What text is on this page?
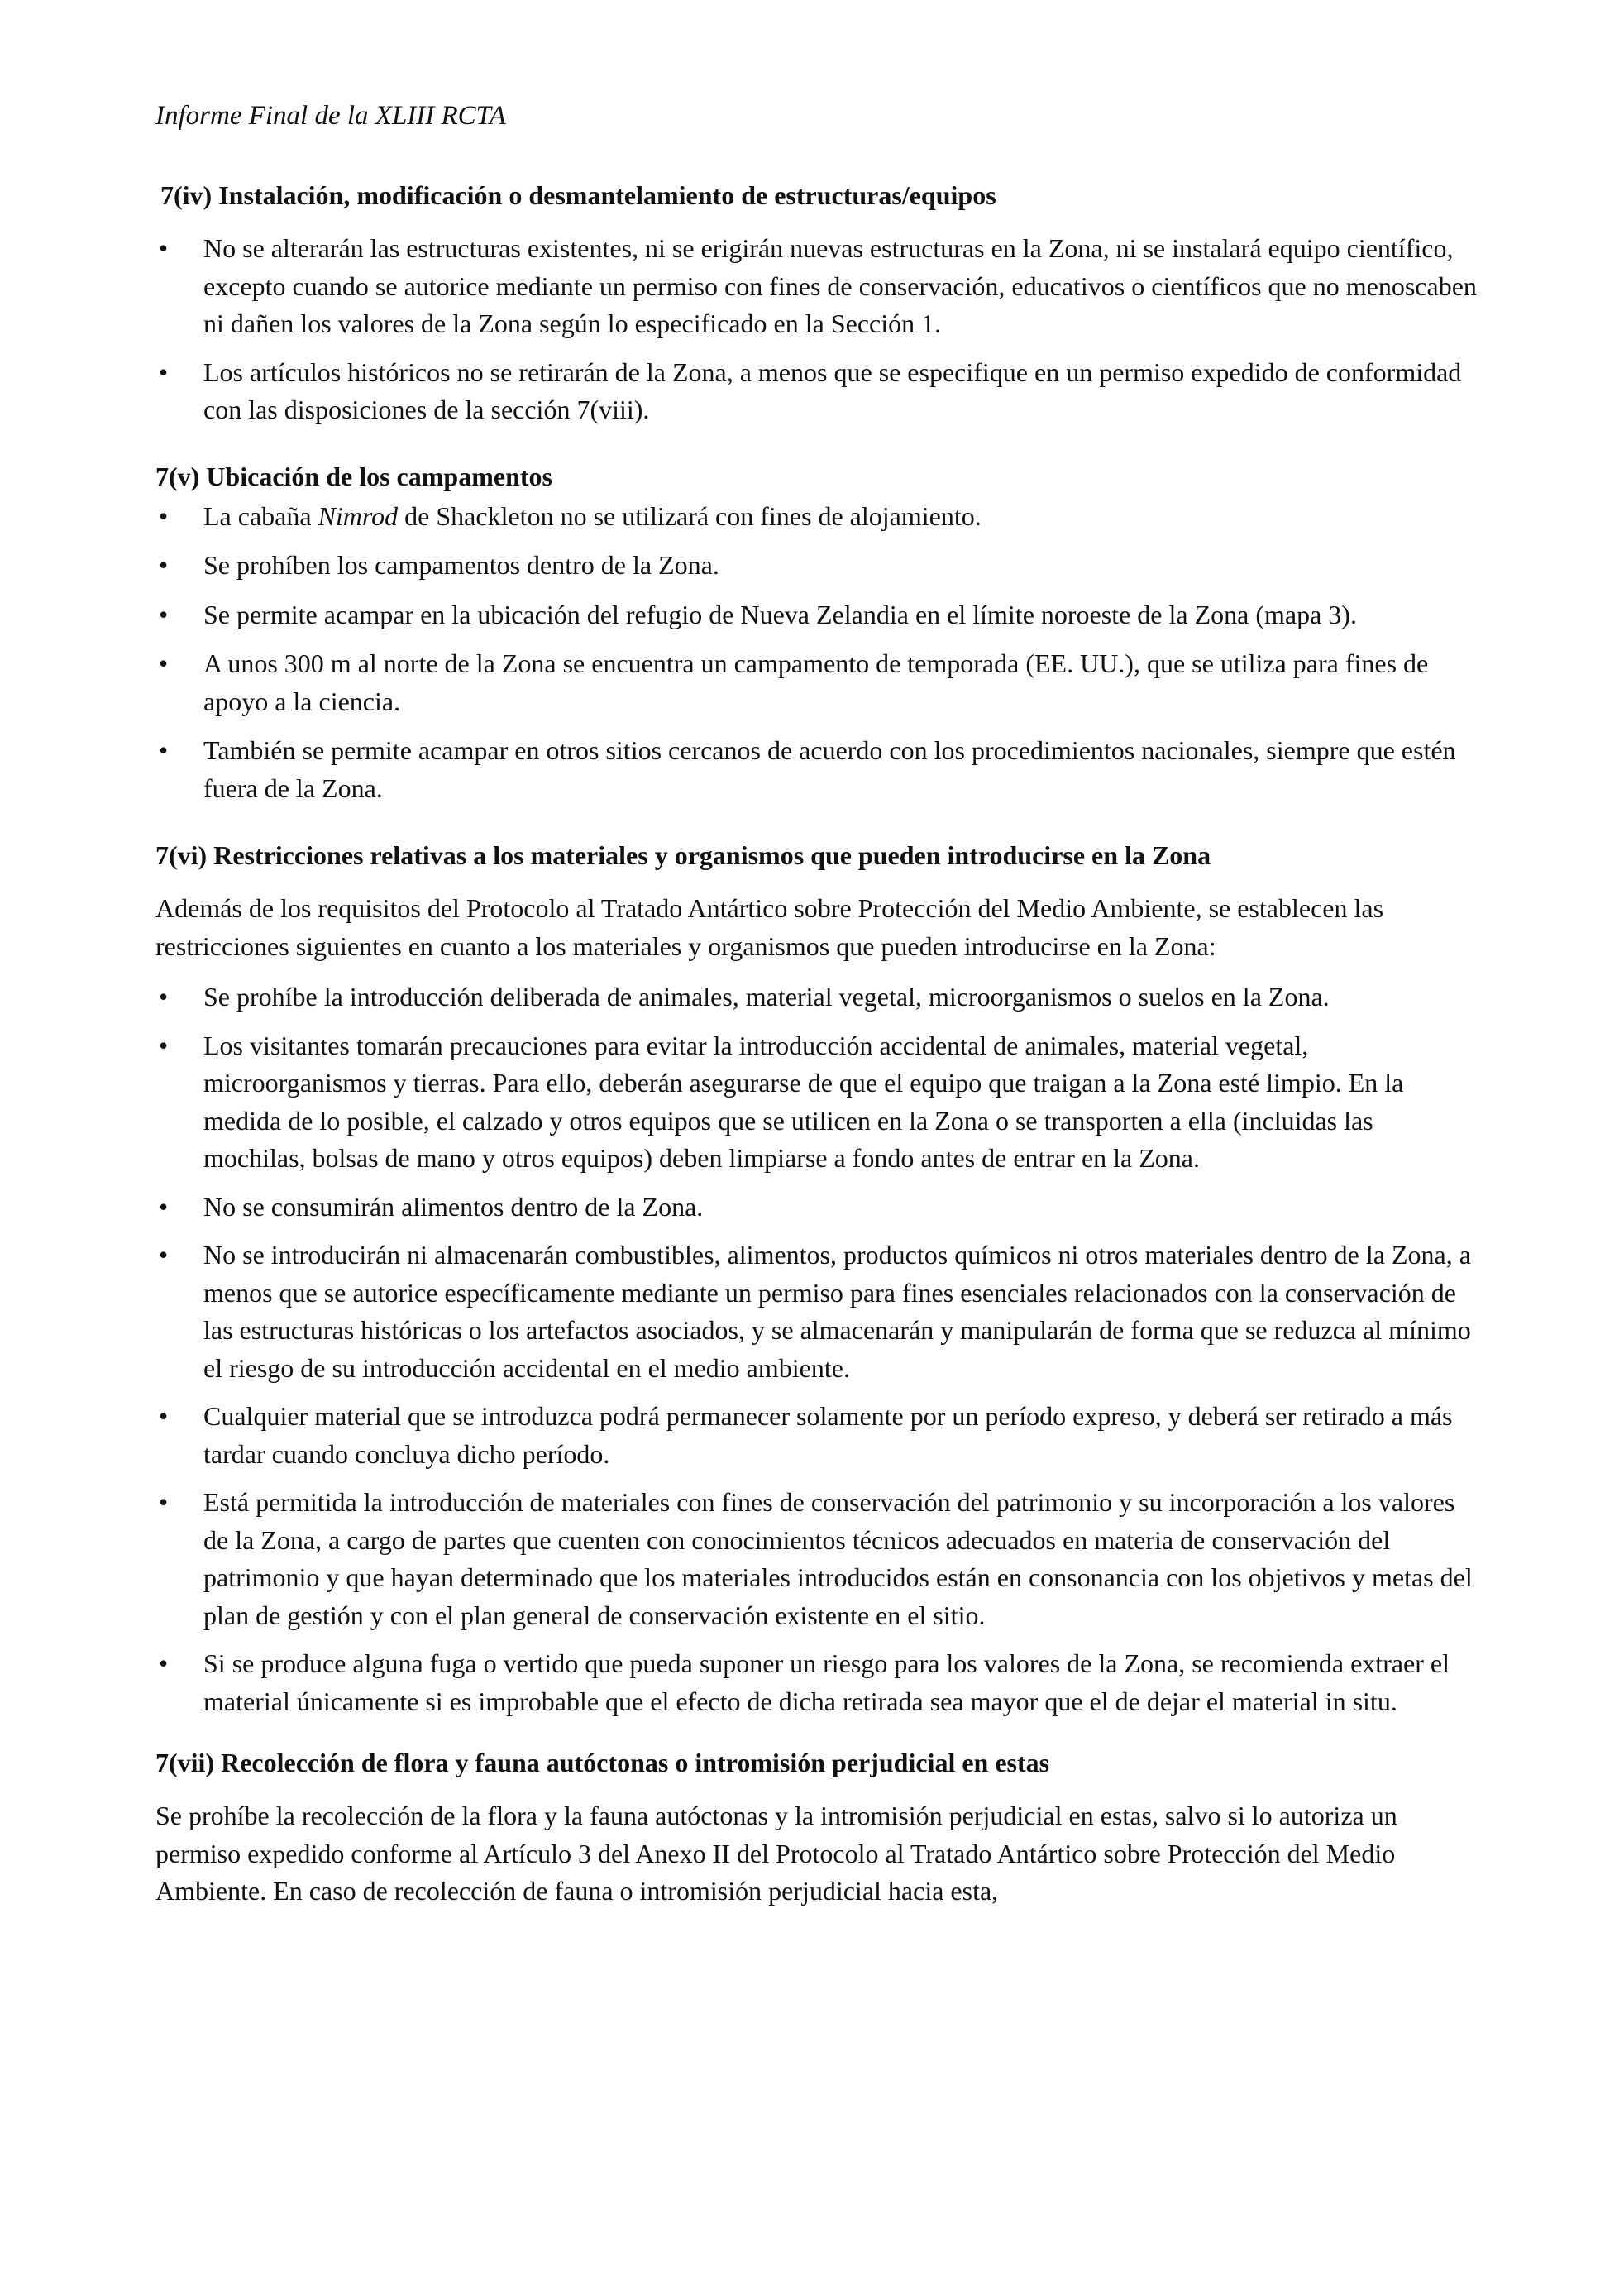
Informe Final de la XLIII RCTA
7(iv) Instalación, modificación o desmantelamiento de estructuras/equipos
• No se alterarán las estructuras existentes, ni se erigirán nuevas estructuras en la Zona, ni se instalará equipo científico, excepto cuando se autorice mediante un permiso con fines de conservación, educativos o científicos que no menoscaben ni dañen los valores de la Zona según lo especificado en la Sección 1.
• Los artículos históricos no se retirarán de la Zona, a menos que se especifique en un permiso expedido de conformidad con las disposiciones de la sección 7(viii).
7(v) Ubicación de los campamentos
• La cabaña Nimrod de Shackleton no se utilizará con fines de alojamiento.
• Se prohíben los campamentos dentro de la Zona.
• Se permite acampar en la ubicación del refugio de Nueva Zelandia en el límite noroeste de la Zona (mapa 3).
• A unos 300 m al norte de la Zona se encuentra un campamento de temporada (EE. UU.), que se utiliza para fines de apoyo a la ciencia.
• También se permite acampar en otros sitios cercanos de acuerdo con los procedimientos nacionales, siempre que estén fuera de la Zona.
7(vi) Restricciones relativas a los materiales y organismos que pueden introducirse en la Zona

Además de los requisitos del Protocolo al Tratado Antártico sobre Protección del Medio Ambiente, se establecen las restricciones siguientes en cuanto a los materiales y organismos que pueden introducirse en la Zona:

• Se prohíbe la introducción deliberada de animales, material vegetal, microorganismos o suelos en la Zona.
• Los visitantes tomarán precauciones para evitar la introducción accidental de animales, material vegetal, microorganismos y tierras. Para ello, deberán asegurarse de que el equipo que traigan a la Zona esté limpio. En la medida de lo posible, el calzado y otros equipos que se utilicen en la Zona o se transporten a ella (incluidas las mochilas, bolsas de mano y otros equipos) deben limpiarse a fondo antes de entrar en la Zona.
• No se consumirán alimentos dentro de la Zona.
• No se introducirán ni almacenarán combustibles, alimentos, productos químicos ni otros materiales dentro de la Zona, a menos que se autorice específicamente mediante un permiso para fines esenciales relacionados con la conservación de las estructuras históricas o los artefactos asociados, y se almacenarán y manipularán de forma que se reduzca al mínimo el riesgo de su introducción accidental en el medio ambiente.
• Cualquier material que se introduzca podrá permanecer solamente por un período expreso, y deberá ser retirado a más tardar cuando concluya dicho período.
• Está permitida la introducción de materiales con fines de conservación del patrimonio y su incorporación a los valores de la Zona, a cargo de partes que cuenten con conocimientos técnicos adecuados en materia de conservación del patrimonio y que hayan determinado que los materiales introducidos están en consonancia con los objetivos y metas del plan de gestión y con el plan general de conservación existente en el sitio.
• Si se produce alguna fuga o vertido que pueda suponer un riesgo para los valores de la Zona, se recomienda extraer el material únicamente si es improbable que el efecto de dicha retirada sea mayor que el de dejar el material in situ.
7(vii) Recolección de flora y fauna autóctonas o intromisión perjudicial en estas

Se prohíbe la recolección de la flora y la fauna autóctonas y la intromisión perjudicial en estas, salvo si lo autoriza un permiso expedido conforme al Artículo 3 del Anexo II del Protocolo al Tratado Antártico sobre Protección del Medio Ambiente. En caso de recolección de fauna o intromisión perjudicial hacia esta,
